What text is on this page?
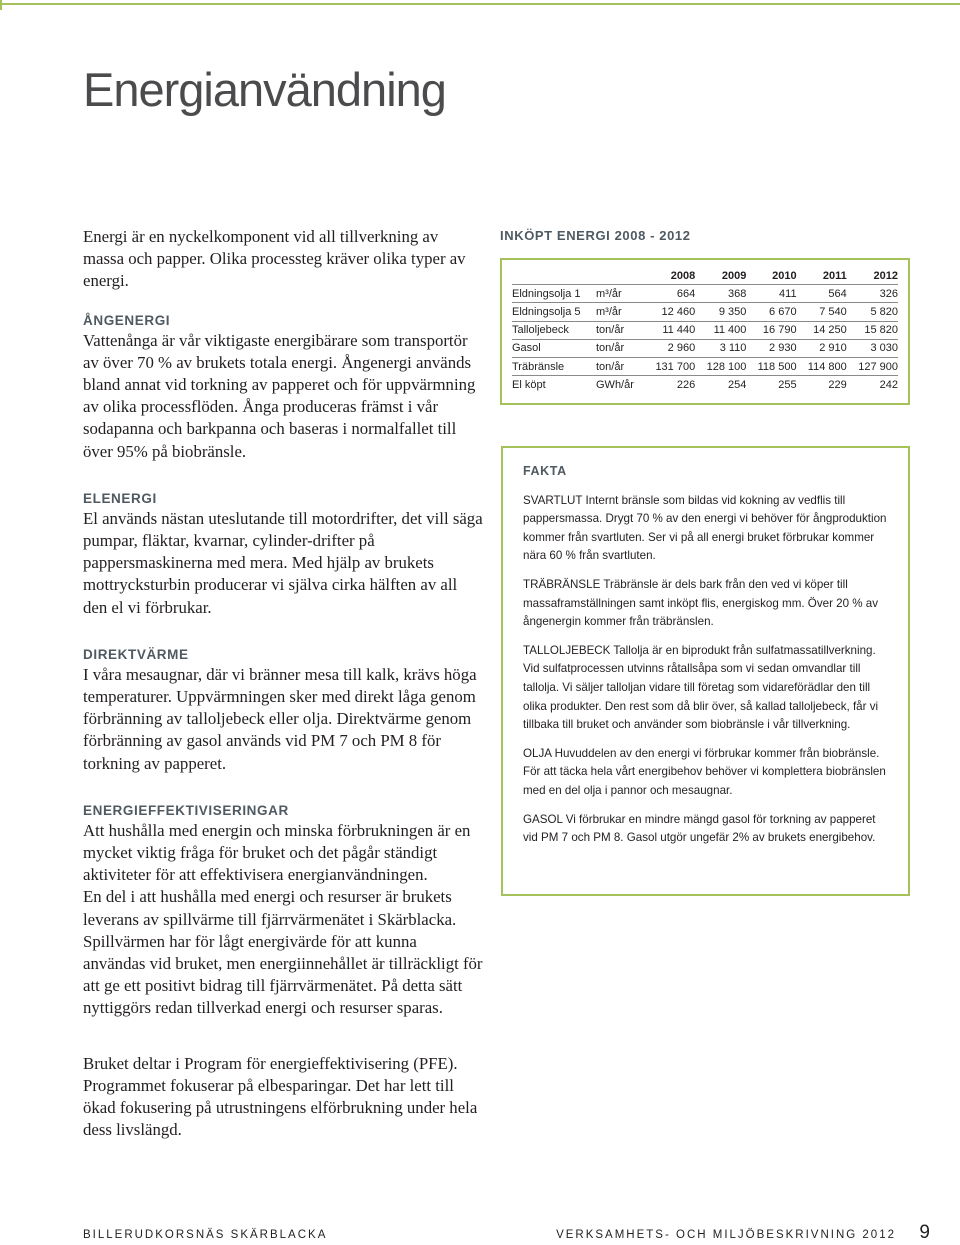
Energianvändning

Energi är en nyckelkomponent vid all tillverkning av massa och papper. Olika processteg kräver olika typer av energi.

ÅNGENERGI

Vattenånga är vår viktigaste energibärare som transportör av över 70 % av brukets totala energi. Ångenergi används bland annat vid torkning av papperet och för uppvärmning av olika processflöden. Ånga produceras främst i vår sodapanna och barkpanna och baseras i normalfallet till över 95% på biobränsle.

ELENERGI

El används nästan uteslutande till motordrifter, det vill säga pumpar, fläktar, kvarnar, cylinder-drifter på pappersmaskinerna med mera. Med hjälp av brukets mottrycksturbin producerar vi själva cirka hälften av all den el vi förbrukar.

DIREKTVÄRME

I våra mesaugnar, där vi bränner mesa till kalk, krävs höga temperaturer. Uppvärmningen sker med direkt låga genom förbränning av talloljebeck eller olja. Direktvärme genom förbränning av gasol används vid PM 7 och PM 8 för torkning av papperet.

ENERGIEFFEKTIVISERINGAR

Att hushålla med energin och minska förbrukningen är en mycket viktig fråga för bruket och det pågår ständigt aktiviteter för att effektivisera energianvändningen.

En del i att hushålla med energi och resurser är brukets leverans av spillvärme till fjärrvärmenätet i Skärblacka. Spillvärmen har för lågt energivärde för att kunna användas vid bruket, men energiinnehållet är tillräckligt för att ge ett positivt bidrag till fjärrvärmenätet. På detta sätt nyttiggörs redan tillverkad energi och resurser sparas.

Bruket deltar i Program för energieffektivisering (PFE). Programmet fokuserar på elbesparingar. Det har lett till ökad fokusering på utrustningens elförbrukning under hela dess livslängd.

INKÖPT ENERGI 2008 - 2012
		2008	2009	2010	2011	2012
Eldningsolja 1	m³/år	664	368	411	564	326
Eldningsolja 5	m³/år	12 460	9 350	6 670	7 540	5 820
Talloljebeck	ton/år	11 440	11 400	16 790	14 250	15 820
Gasol	ton/år	2 960	3 110	2 930	2 910	3 030
Träbränsle	ton/år	131 700	128 100	118 500	114 800	127 900
El köpt	GWh/år	226	254	255	229	242
FAKTA

SVARTLUT Internt bränsle som bildas vid kokning av vedflis till pappersmassa. Drygt 70 % av den energi vi behöver för ångproduktion kommer från svartluten. Ser vi på all energi bruket förbrukar kommer nära 60 % från svartluten.

TRÄBRÄNSLE Träbränsle är dels bark från den ved vi köper till massaframställningen samt inköpt flis, energiskog mm. Över 20 % av ångenergin kommer från träbränslen.

TALLOLJEBECK Tallolja är en biprodukt från sulfatmassatillverkning. Vid sulfatprocessen utvinns råtallsåpa som vi sedan omvandlar till tallolja. Vi säljer talloljan vidare till företag som vidareförädlar den till olika produkter. Den rest som då blir över, så kallad talloljebeck, får vi tillbaka till bruket och använder som biobränsle i vår tillverkning.

OLJA Huvuddelen av den energi vi förbrukar kommer från biobränsle. För att täcka hela vårt energibehov behöver vi komplettera biobränslen med en del olja i pannor och mesaugnar.

GASOL Vi förbrukar en mindre mängd gasol för torkning av papperet vid PM 7 och PM 8. Gasol utgör ungefär 2% av brukets energibehov.

BILLERUDKORSNÄS SKÄRBLACKA	VERKSAMHETS- OCH MILJÖBESKRIVNING 2012 9
